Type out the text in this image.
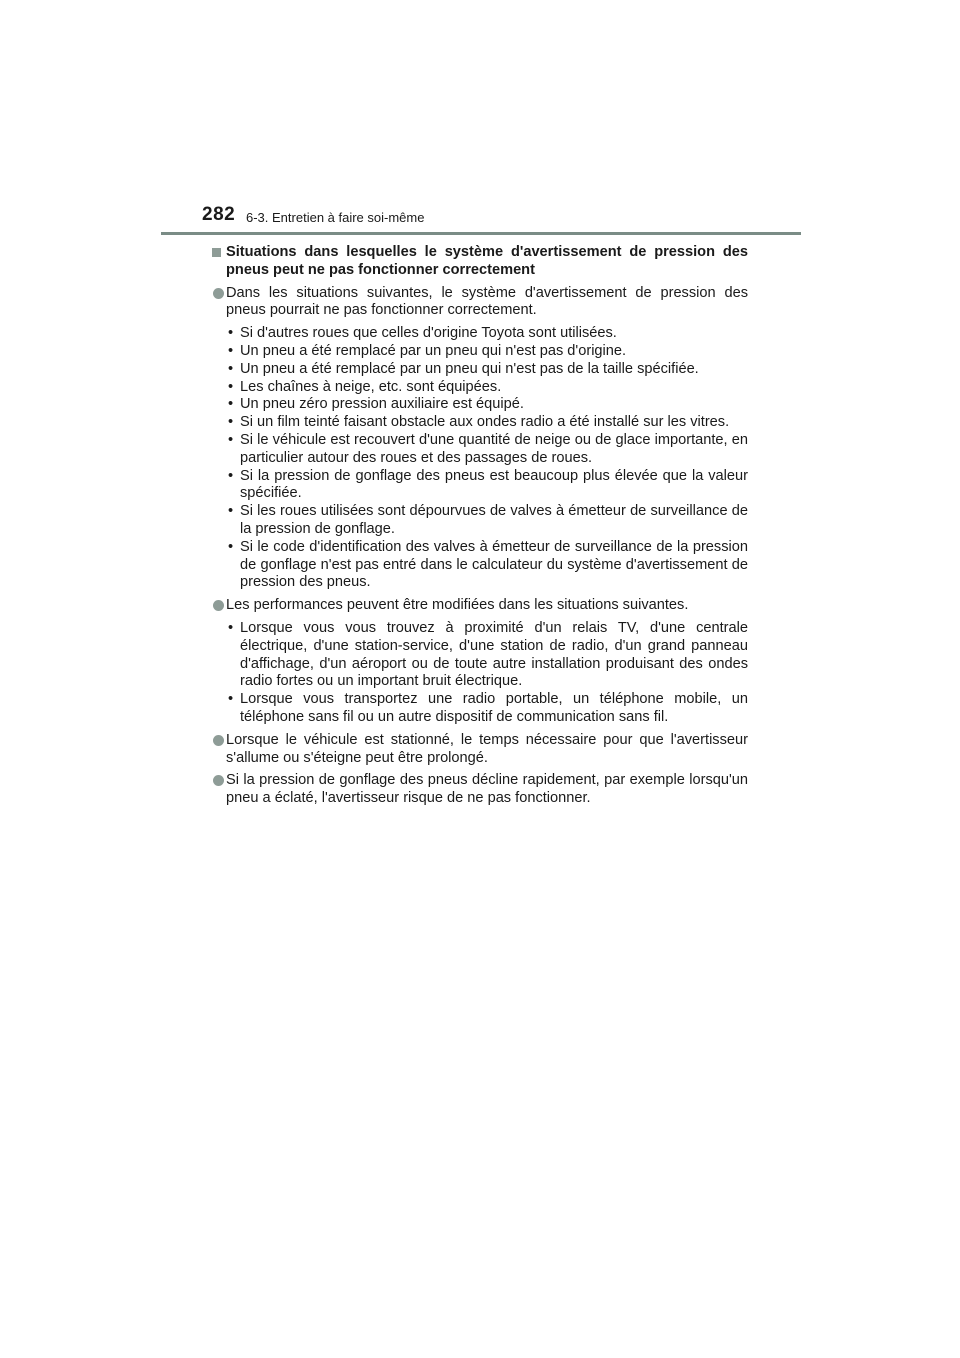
282 6-3. Entretien à faire soi-même
Situations dans lesquelles le système d'avertissement de pression des pneus peut ne pas fonctionner correctement
Dans les situations suivantes, le système d'avertissement de pression des pneus pourrait ne pas fonctionner correctement.
• Si d'autres roues que celles d'origine Toyota sont utilisées.
• Un pneu a été remplacé par un pneu qui n'est pas d'origine.
• Un pneu a été remplacé par un pneu qui n'est pas de la taille spécifiée.
• Les chaînes à neige, etc. sont équipées.
• Un pneu zéro pression auxiliaire est équipé.
• Si un film teinté faisant obstacle aux ondes radio a été installé sur les vitres.
• Si le véhicule est recouvert d'une quantité de neige ou de glace importante, en particulier autour des roues et des passages de roues.
• Si la pression de gonflage des pneus est beaucoup plus élevée que la valeur spécifiée.
• Si les roues utilisées sont dépourvues de valves à émetteur de surveillance de la pression de gonflage.
• Si le code d'identification des valves à émetteur de surveillance de la pression de gonflage n'est pas entré dans le calculateur du système d'avertissement de pression des pneus.
Les performances peuvent être modifiées dans les situations suivantes.
• Lorsque vous vous trouvez à proximité d'un relais TV, d'une centrale électrique, d'une station-service, d'une station de radio, d'un grand panneau d'affichage, d'un aéroport ou de toute autre installation produisant des ondes radio fortes ou un important bruit électrique.
• Lorsque vous transportez une radio portable, un téléphone mobile, un téléphone sans fil ou un autre dispositif de communication sans fil.
Lorsque le véhicule est stationné, le temps nécessaire pour que l'avertisseur s'allume ou s'éteigne peut être prolongé.
Si la pression de gonflage des pneus décline rapidement, par exemple lorsqu'un pneu a éclaté, l'avertisseur risque de ne pas fonctionner.
